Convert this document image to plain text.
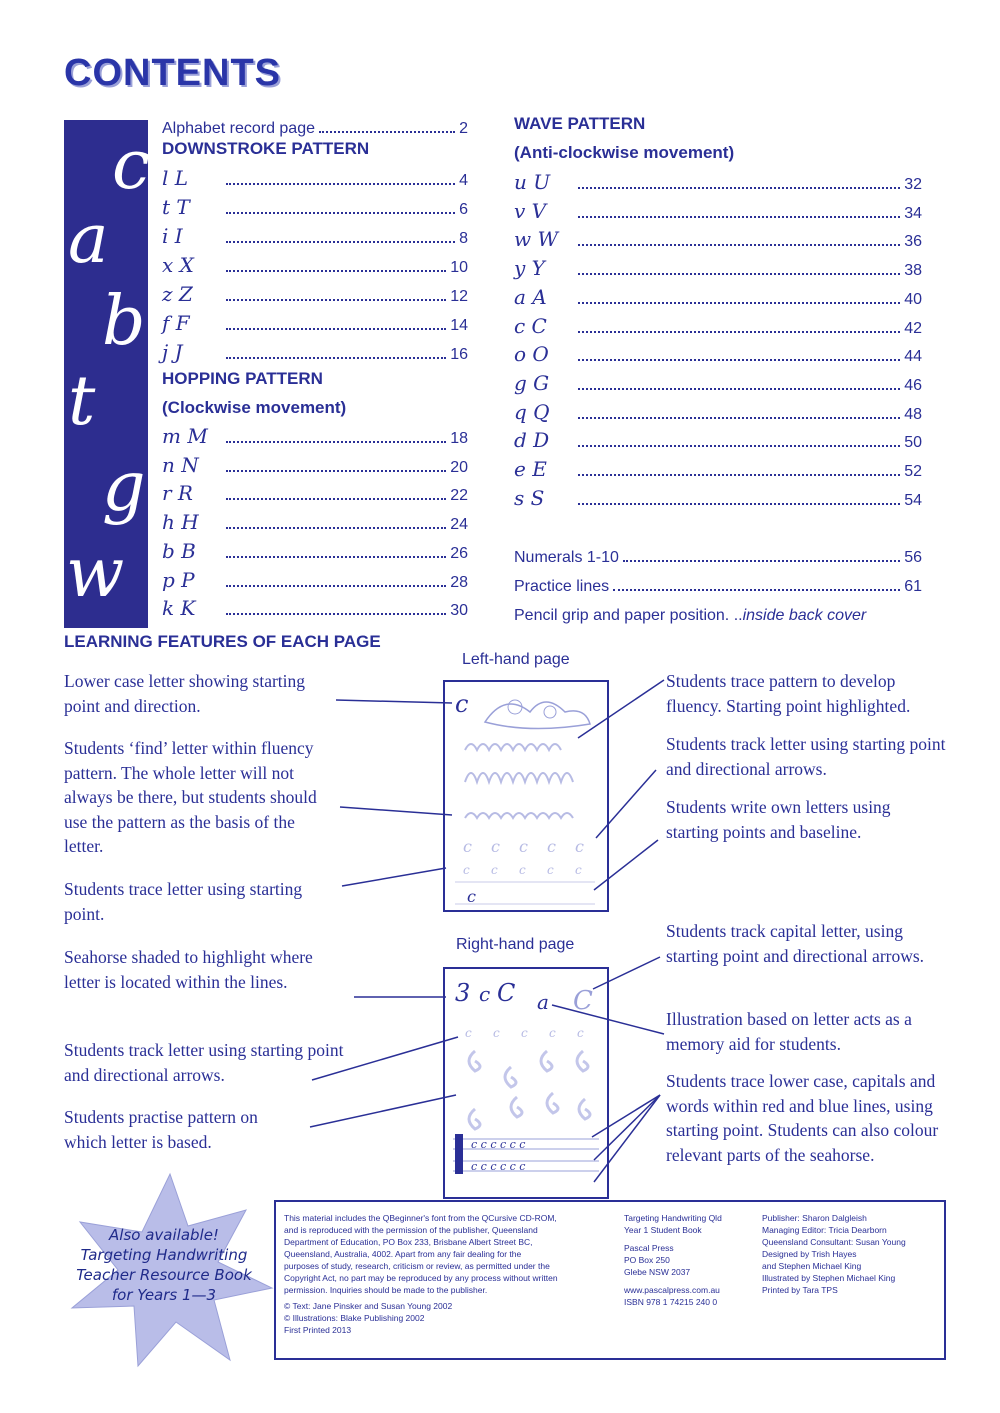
CONTENTS
c
a
b
t
g
w
Alphabet record page	2
DOWNSTROKE PATTERN
l L	4
t T	6
i I	8
x X	10
z Z	12
f F	14
j J	16
HOPPING PATTERN
(Clockwise movement)
m M	18
n N	20
r R	22
h H	24
b B	26
p P	28
k K	30
WAVE PATTERN
(Anti-clockwise movement)
u U	32
v V	34
w W	36
y Y	38
a A	40
c C	42
o O	44
g G	46
q Q	48
d D	50
e E	52
s S	54
Numerals 1-10	56
Practice lines	61
Pencil grip and paper position. .. inside back cover
LEARNING FEATURES OF EACH PAGE
Left-hand page
Right-hand page
Lower case letter showing starting point and direction.
Students ‘find’ letter within fluency pattern. The whole letter will not always be there, but students should use the pattern as the basis of the letter.
Students trace letter using starting point.
Seahorse shaded to highlight where letter is located within the lines.
Students track letter using starting point and directional arrows.
Students practise pattern on which letter is based.
Students trace pattern to develop fluency. Starting point highlighted.
Students track letter using starting point and directional arrows.
Students write own letters using starting points and baseline.
Students track capital letter, using starting point and directional arrows.
Illustration based on letter acts as a memory aid for students.
Students trace lower case, capitals and words within red and blue lines, using starting point. Students can also colour relevant parts of the seahorse.
c
c c c c c
c c c c c
c
3 c C a C
c c c c c
c c c c c c
c c c c c c
Also available!
Targeting Handwriting
Teacher Resource Book
for Years 1—3
This material includes the QBeginner's font from the QCursive CD-ROM,
and is reproduced with the permission of the publisher, Queensland
Department of Education, PO Box 233, Brisbane Albert Street BC,
Queensland, Australia, 4002. Apart from any fair dealing for the
purposes of study, research, criticism or review, as permitted under the
Copyright Act, no part may be reproduced by any process without written
permission. Inquiries should be made to the publisher.
© Text: Jane Pinsker and Susan Young 2002
© Illustrations: Blake Publishing 2002
First Printed 2013
Targeting Handwriting Qld
Year 1 Student Book
Pascal Press
PO Box 250
Glebe NSW 2037
www.pascalpress.com.au
ISBN 978 1 74215 240 0
Publisher: Sharon Dalgleish
Managing Editor: Tricia Dearborn
Queensland Consultant: Susan Young
Designed by Trish Hayes
and Stephen Michael King
Illustrated by Stephen Michael King
Printed by Tara TPS
